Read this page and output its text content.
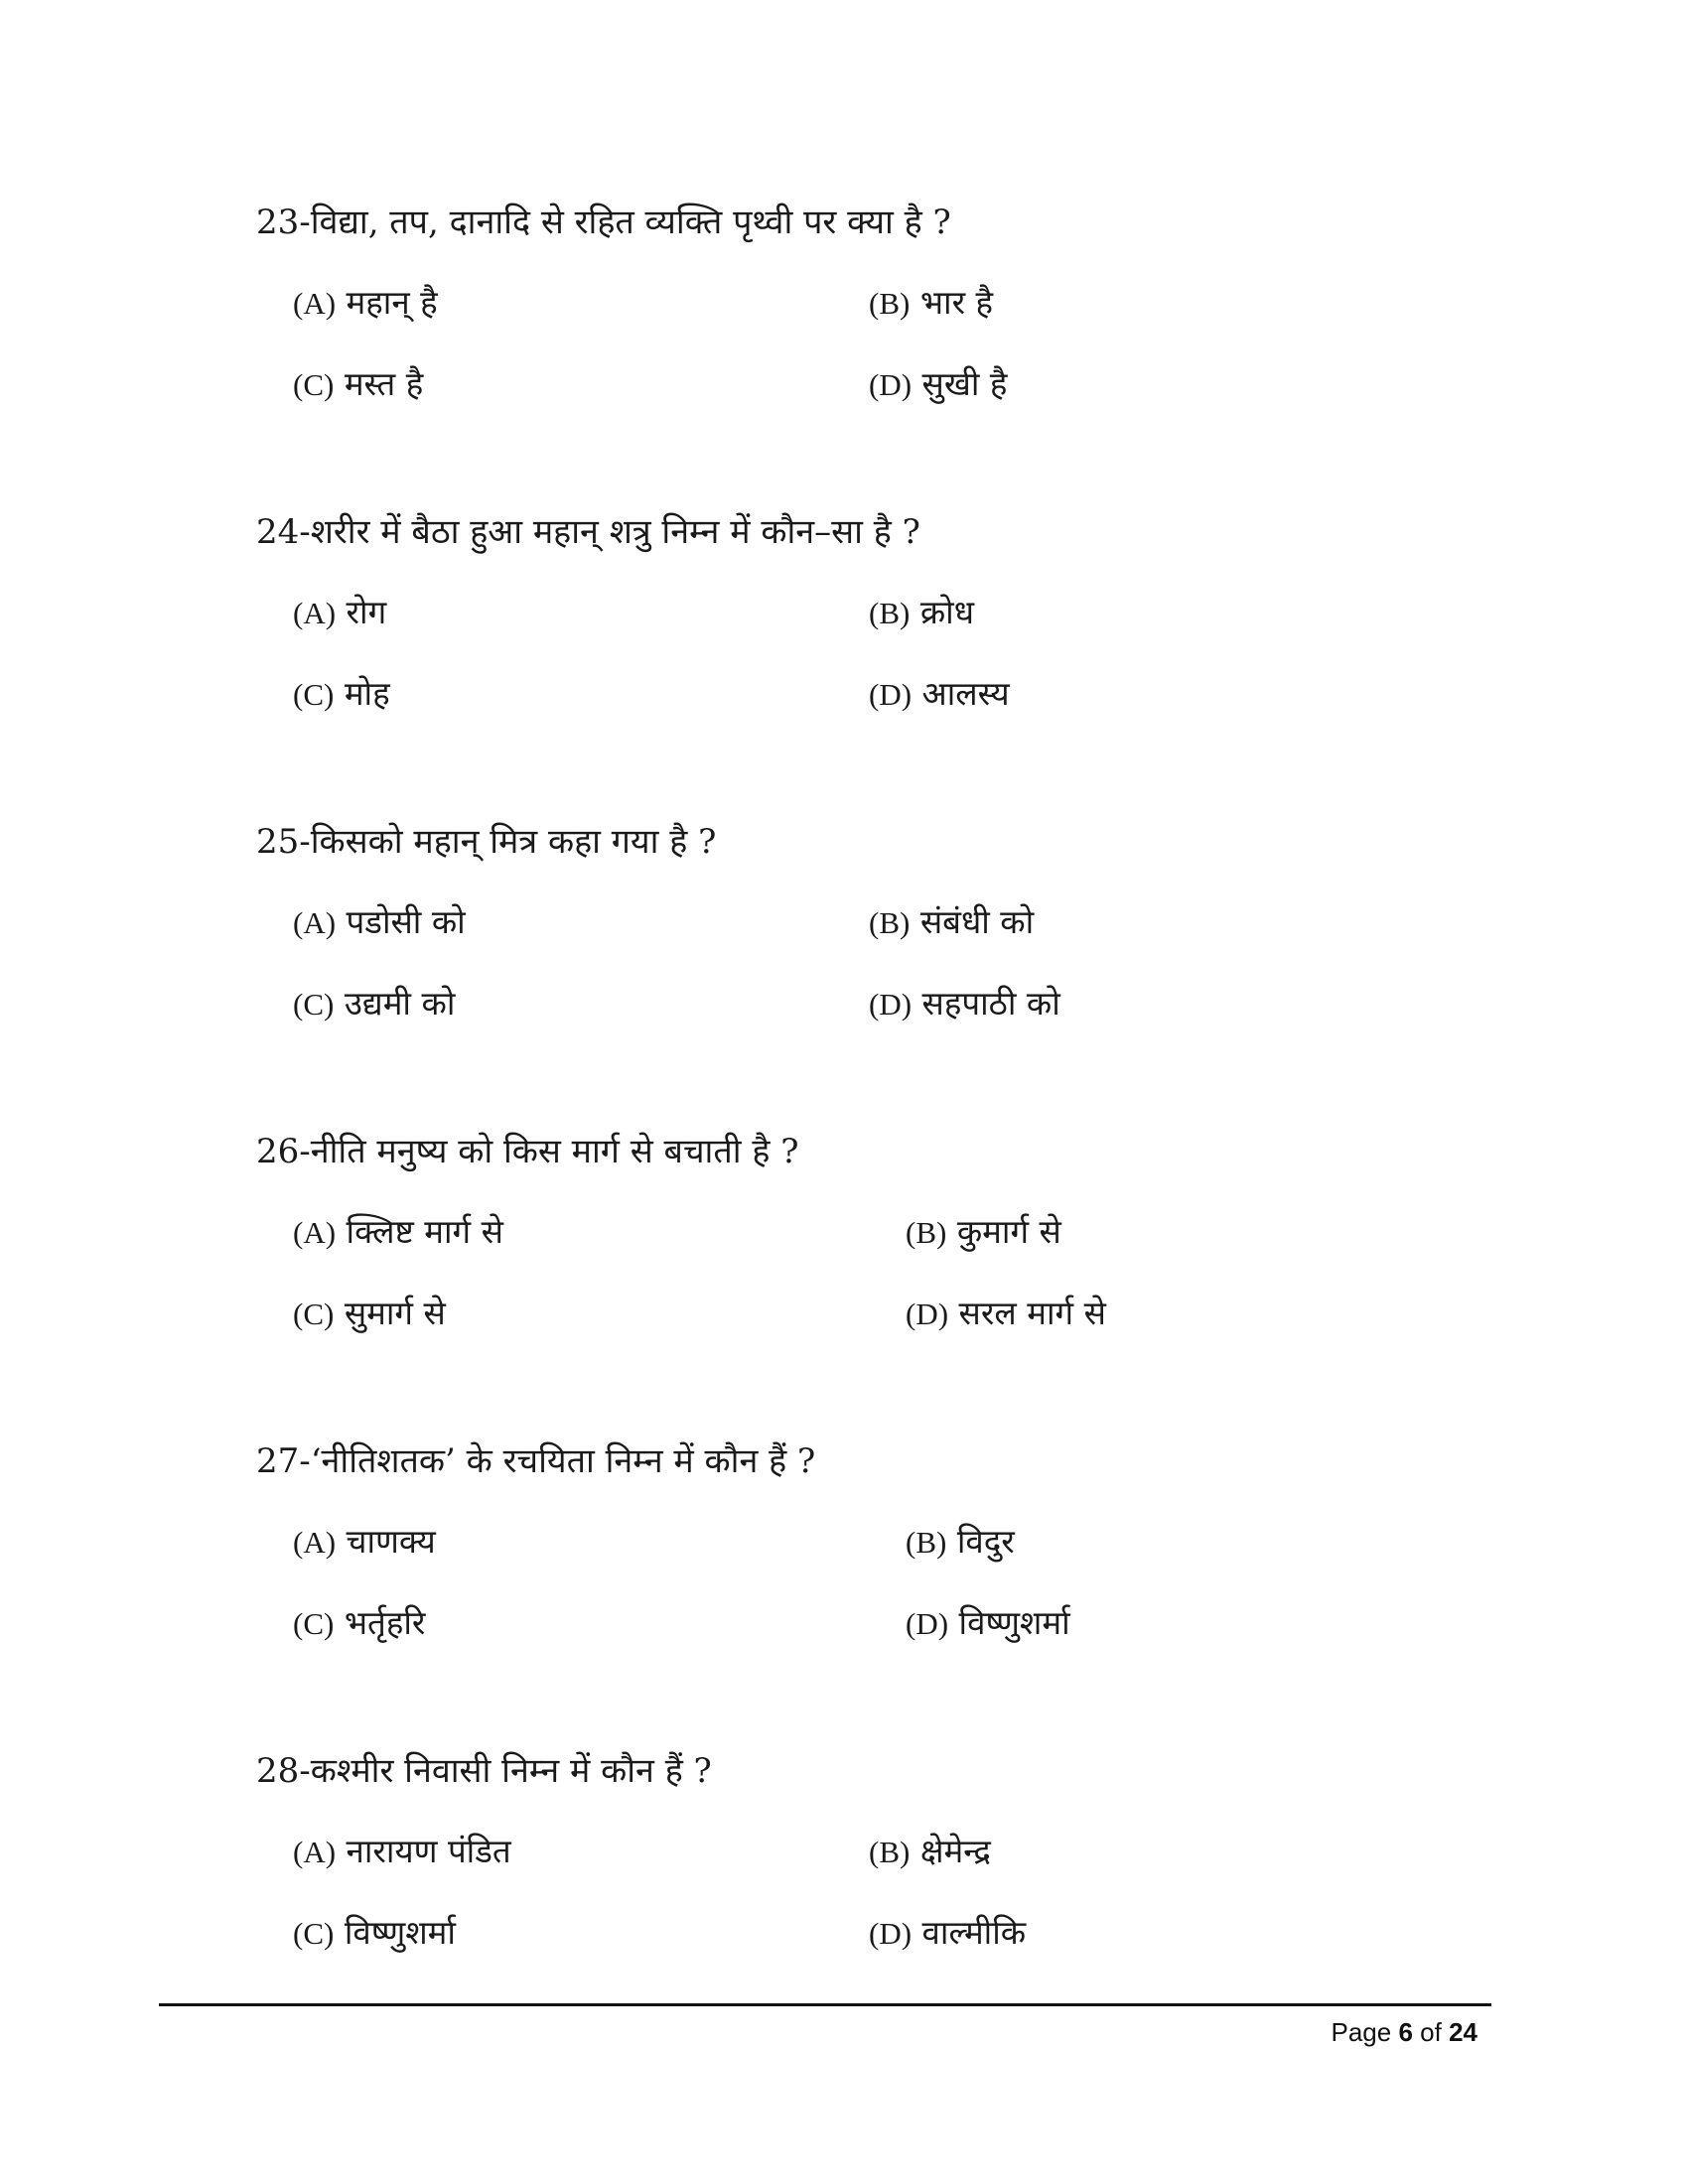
23-विद्या, तप, दानादि से रहित व्यक्ति पृथ्वी पर क्या है ?
(A) महान् है	(B) भार है
(C) मस्त है	(D) सुखी है
24-शरीर में बैठा हुआ महान् शत्रु निम्न में कौन–सा है ?
(A) रोग	(B) क्रोध
(C) मोह	(D) आलस्य
25-किसको महान् मित्र कहा गया है ?
(A) पडोसी को	(B) संबंधी को
(C) उद्यमी को	(D) सहपाठी को
26-नीति मनुष्य को किस मार्ग से बचाती है ?
(A) क्लिष्ट मार्ग से	(B) कुमार्ग से
(C) सुमार्ग से	(D) सरल मार्ग से
27-‘नीतिशतक’ के रचयिता निम्न में कौन हैं ?
(A) चाणक्य	(B) विदुर
(C) भर्तृहरि	(D) विष्णुशर्मा
28-कश्मीर निवासी निम्न में कौन हैं ?
(A) नारायण पंडित	(B) क्षेमेन्द्र
(C) विष्णुशर्मा	(D) वाल्मीकि
Page 6 of 24
